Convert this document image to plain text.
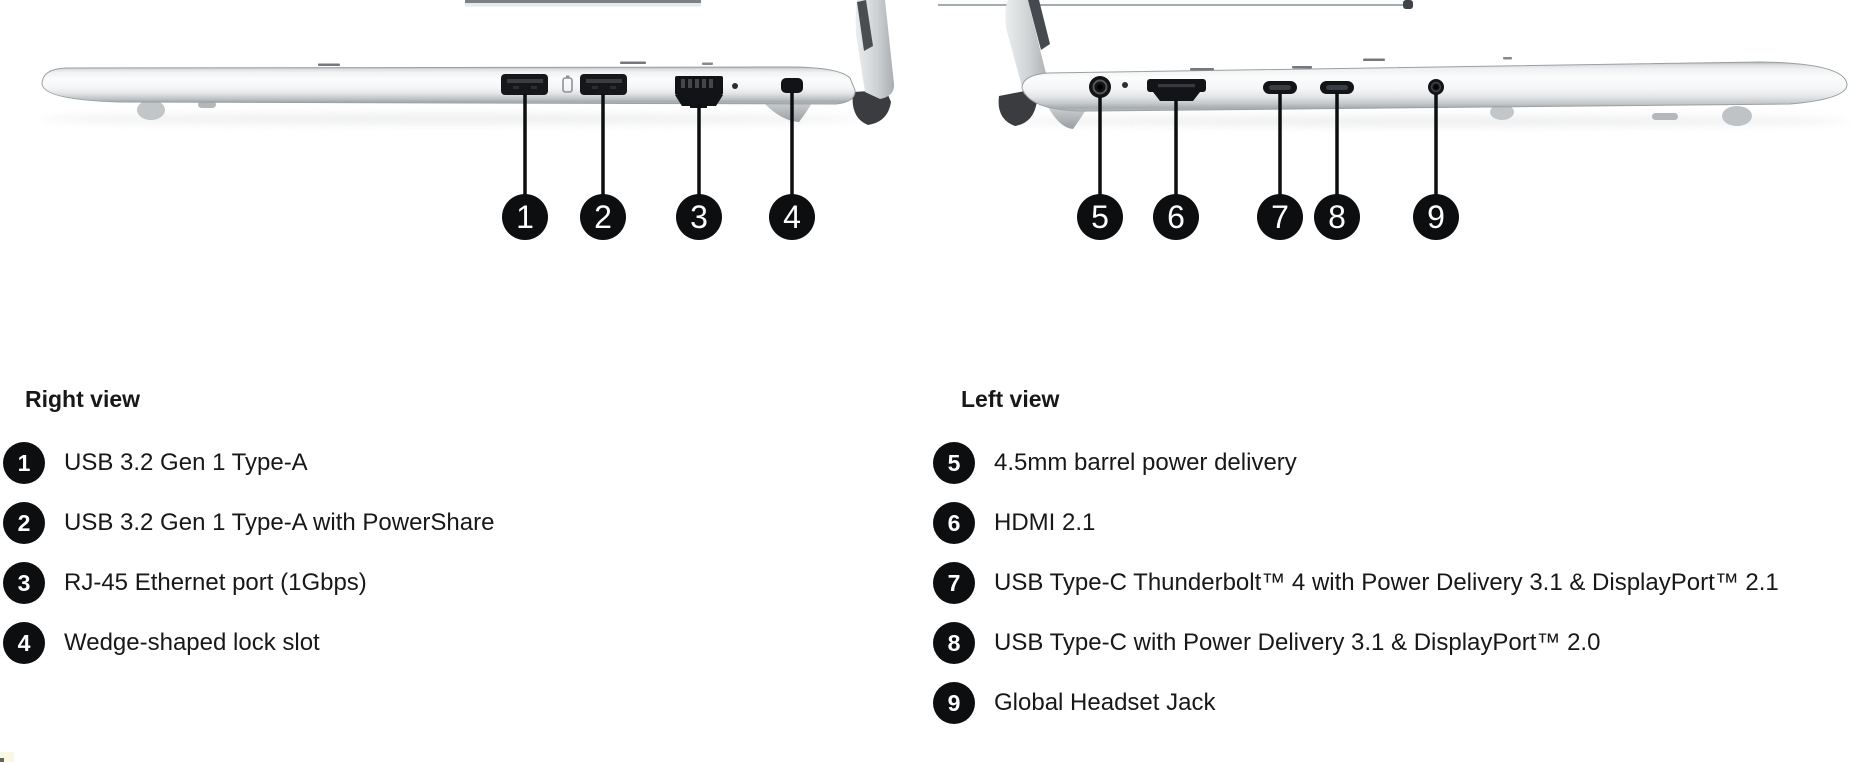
1 2 3 4	5 6	7 8	9
Right view
1	USB 3.2 Gen 1 Type-A
2	USB 3.2 Gen 1 Type-A with PowerShare
3	RJ-45 Ethernet port (1Gbps)
4	Wedge-shaped lock slot
Left view
5	4.5mm barrel power delivery
6	HDMI 2.1
7	USB Type-C Thunderbolt™ 4 with Power Delivery 3.1 & DisplayPort™ 2.1
8	USB Type-C with Power Delivery 3.1 & DisplayPort™ 2.0
9	Global Headset Jack
